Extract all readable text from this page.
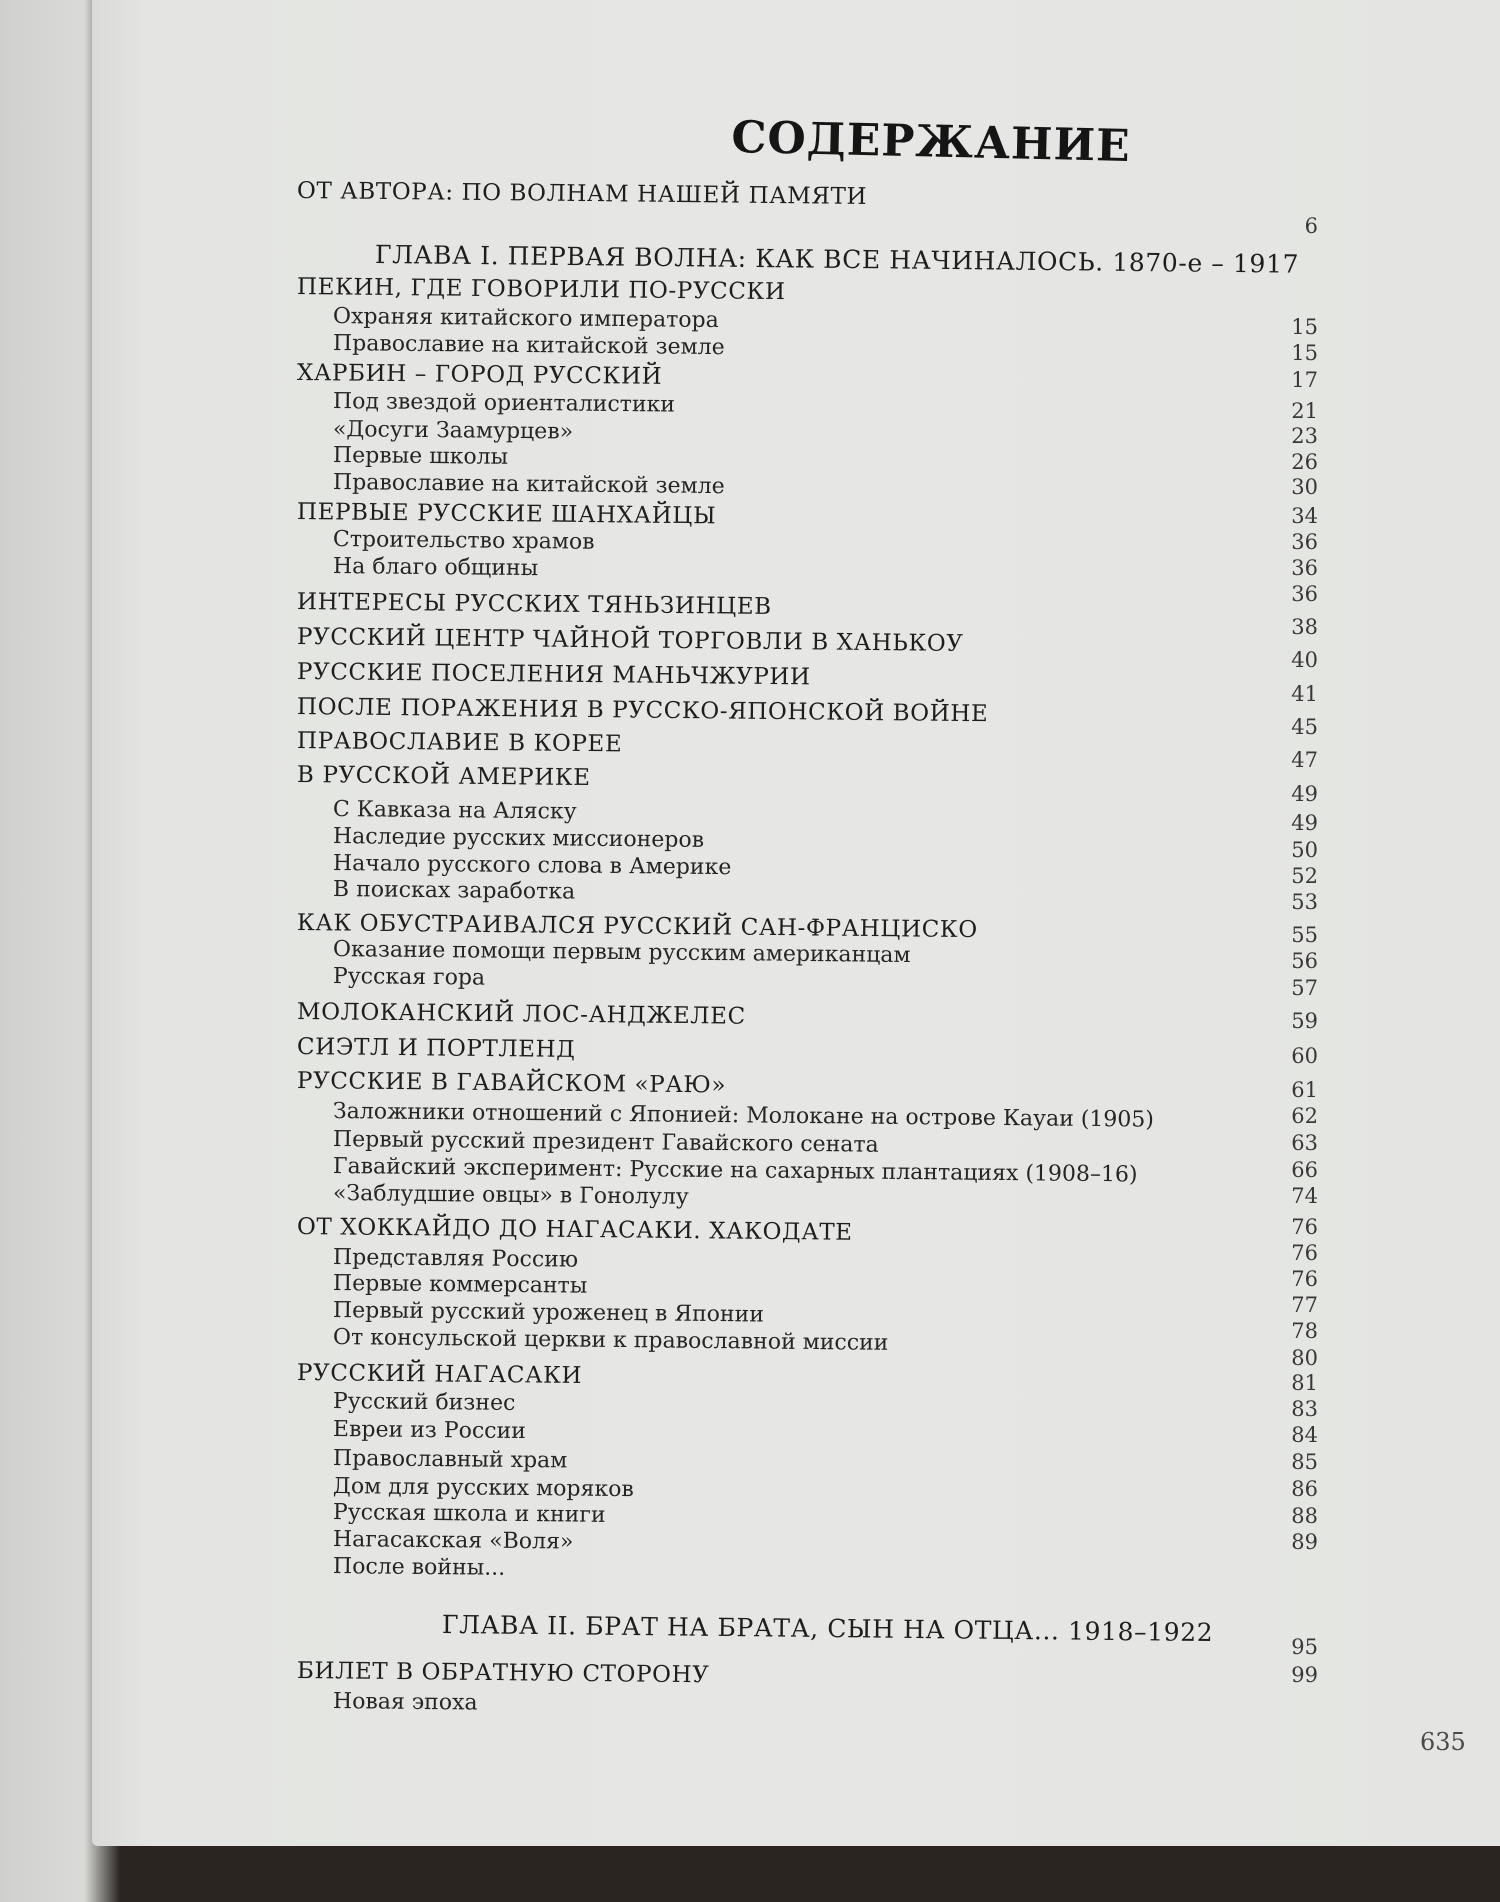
СОДЕРЖАНИЕ
ОТ АВТОРА: ПО ВОЛНАМ НАШЕЙ ПАМЯТИ
ГЛАВА I. ПЕРВАЯ ВОЛНА: КАК ВСЕ НАЧИНАЛОСЬ. 1870-е – 1917
ПЕКИН, ГДЕ ГОВОРИЛИ ПО-РУССКИ
Охраняя китайского императора
Православие на китайской земле
ХАРБИН – ГОРОД РУССКИЙ
Под звездой ориенталистики
«Досуги Заамурцев»
Первые школы
Православие на китайской земле
ПЕРВЫЕ РУССКИЕ ШАНХАЙЦЫ
Строительство храмов
На благо общины
ИНТЕРЕСЫ РУССКИХ ТЯНЬЗИНЦЕВ
РУССКИЙ ЦЕНТР ЧАЙНОЙ ТОРГОВЛИ В ХАНЬКОУ
РУССКИЕ ПОСЕЛЕНИЯ МАНЬЧЖУРИИ
ПОСЛЕ ПОРАЖЕНИЯ В РУССКО-ЯПОНСКОЙ ВОЙНЕ
ПРАВОСЛАВИЕ В КОРЕЕ
В РУССКОЙ АМЕРИКЕ
С Кавказа на Аляску
Наследие русских миссионеров
Начало русского слова в Америке
В поисках заработка
КАК ОБУСТРАИВАЛСЯ РУССКИЙ САН-ФРАНЦИСКО
Оказание помощи первым русским американцам
Русская гора
МОЛОКАНСКИЙ ЛОС-АНДЖЕЛЕС
СИЭТЛ И ПОРТЛЕНД
РУССКИЕ В ГАВАЙСКОМ «РАЮ»
Заложники отношений с Японией: Молокане на острове Кауаи (1905)
Первый русский президент Гавайского сената
Гавайский эксперимент: Русские на сахарных плантациях (1908–16)
«Заблудшие овцы» в Гонолулу
ОТ ХОККАЙДО ДО НАГАСАКИ. ХАКОДАТЕ
Представляя Россию
Первые коммерсанты
Первый русский уроженец в Японии
От консульской церкви к православной миссии
РУССКИЙ НАГАСАКИ
Русский бизнес
Евреи из России
Православный храм
Дом для русских моряков
Русская школа и книги
Нагасакская «Воля»
После войны...
ГЛАВА II. БРАТ НА БРАТА, СЫН НА ОТЦА... 1918–1922
БИЛЕТ В ОБРАТНУЮ СТОРОНУ
Новая эпоха
6
15
15
17
21
23
26
30
34
36
36
36
38
40
41
45
47
49
49
50
52
53
55
56
57
59
60
61
62
63
66
74
76
76
76
77
78
80
81
83
84
85
86
88
89
95
99
635
